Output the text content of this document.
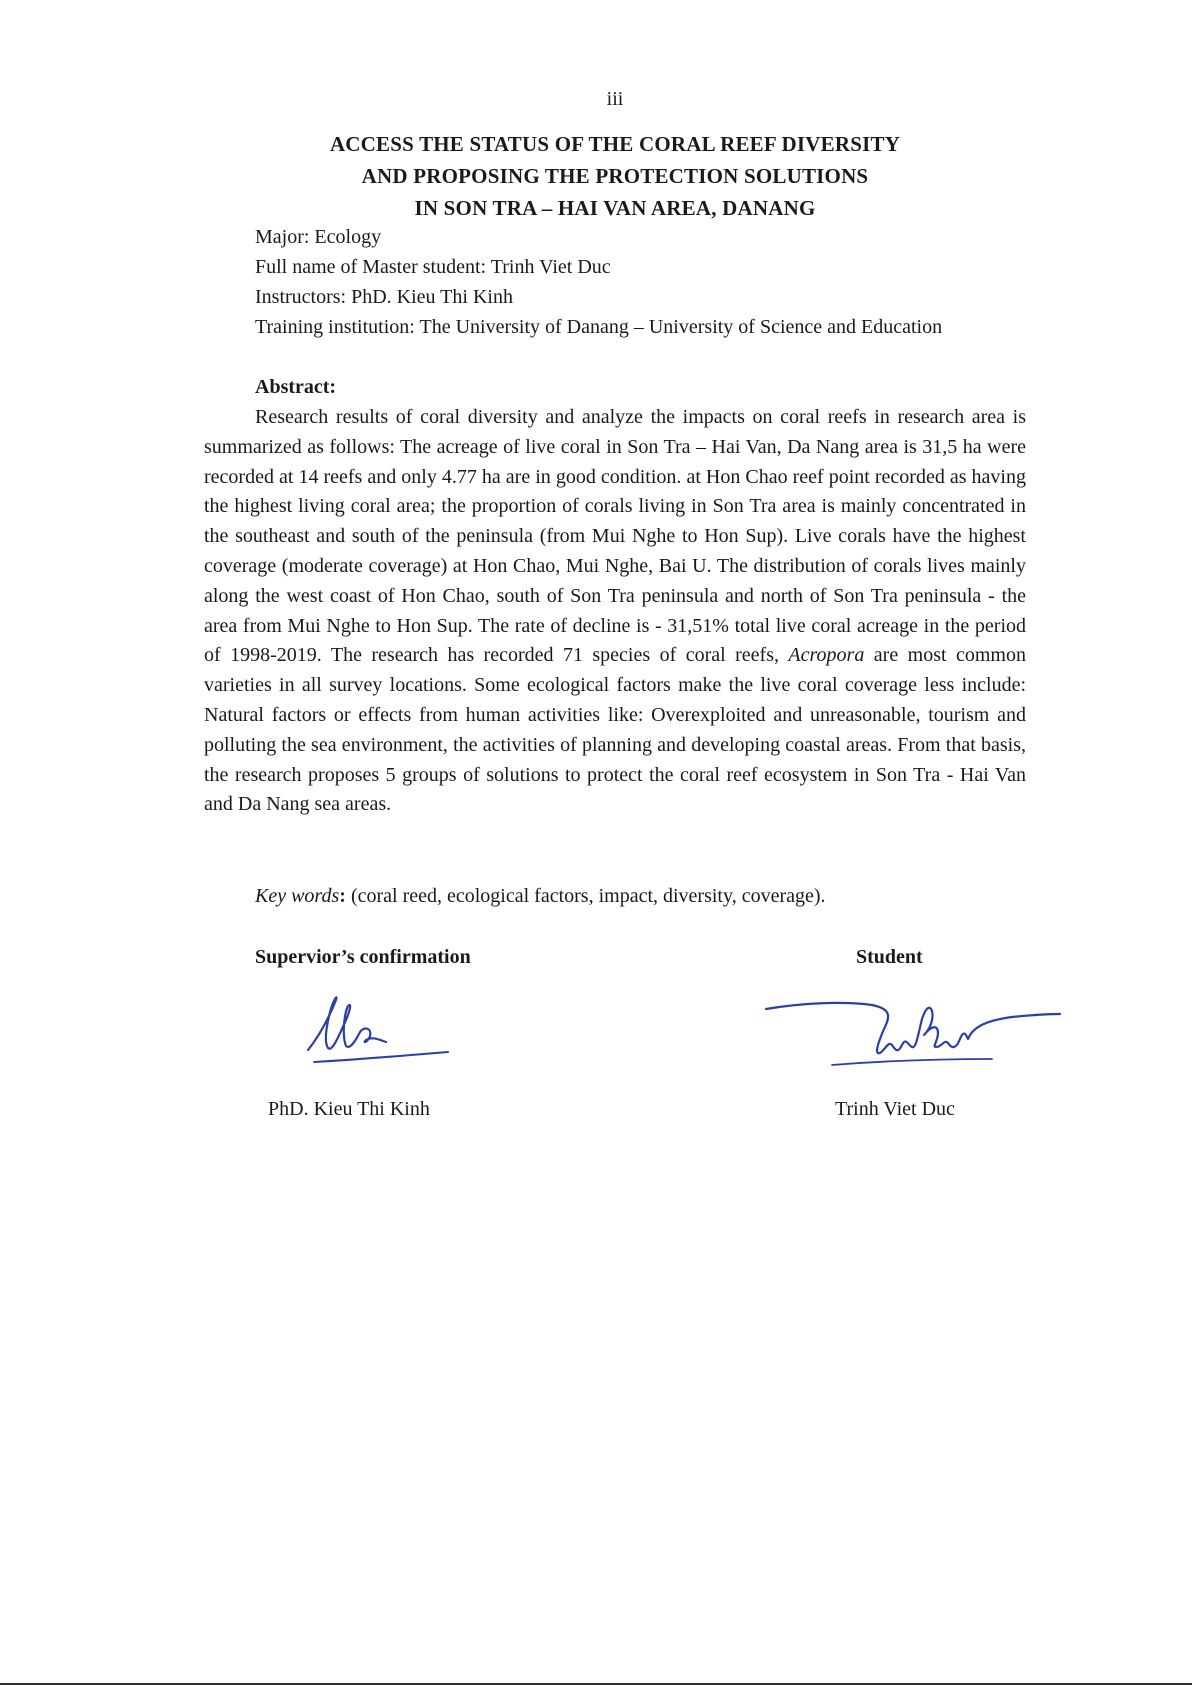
iii
ACCESS THE STATUS OF THE CORAL REEF DIVERSITY
AND PROPOSING THE PROTECTION SOLUTIONS
IN SON TRA – HAI VAN AREA, DANANG
Major: Ecology
Full name of Master student: Trinh Viet Duc
Instructors: PhD. Kieu Thi Kinh
Training institution: The University of Danang – University of Science and Education
Abstract:
Research results of coral diversity and analyze the impacts on coral reefs in research area is summarized as follows: The acreage of live coral in Son Tra – Hai Van, Da Nang area is 31,5 ha were recorded at 14 reefs and only 4.77 ha are in good condition. at Hon Chao reef point recorded as having the highest living coral area; the proportion of corals living in Son Tra area is mainly concentrated in the southeast and south of the peninsula (from Mui Nghe to Hon Sup). Live corals have the highest coverage (moderate coverage) at Hon Chao, Mui Nghe, Bai U. The distribution of corals lives mainly along the west coast of Hon Chao, south of Son Tra peninsula and north of Son Tra peninsula - the area from Mui Nghe to Hon Sup. The rate of decline is - 31,51% total live coral acreage in the period of 1998-2019. The research has recorded 71 species of coral reefs, Acropora are most common varieties in all survey locations. Some ecological factors make the live coral coverage less include: Natural factors or effects from human activities like: Overexploited and unreasonable, tourism and polluting the sea environment, the activities of planning and developing coastal areas. From that basis, the research proposes 5 groups of solutions to protect the coral reef ecosystem in Son Tra - Hai Van and Da Nang sea areas.
Key words: (coral reed, ecological factors, impact, diversity, coverage).
Supervior’s confirmation	Student
PhD. Kieu Thi Kinh	Trinh Viet Duc
